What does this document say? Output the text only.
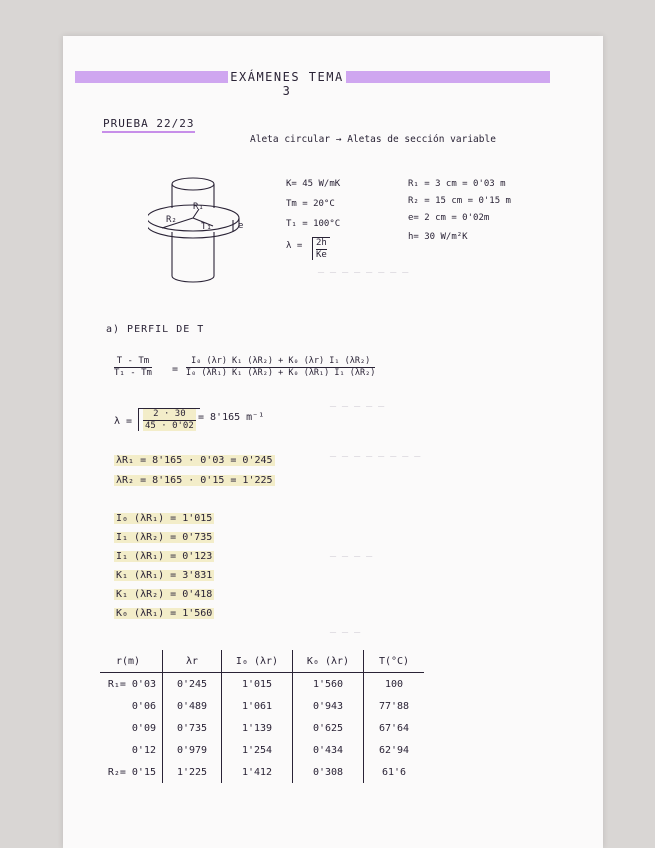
─ ─ ─ ─ ─ ─ ─ ─
─ ─ ─ ─ ─
─ ─ ─ ─ ─ ─ ─ ─
─ ─ ─ ─
─ ─ ─
EXÁMENES TEMA 3
PRUEBA 22/23
Aleta circular → Aletas de sección variable
R₁
R₂
T₁	e
K= 45 W/mK
Tm = 20°C
T₁ = 100°C
$\lambda = \frac{2h}{Ke}$
R₁ = 3 cm = 0'03 m
R₂ = 15 cm = 0'15 m
e= 2 cm = 0'02m
h= 30 W/m²K
a) PERFIL DE T
$\frac{T - Tm}{\text{T₁ - Tm}} = \frac{\text{I₀ (λr) K₁ (λR₂) + K₀ (λr) I₁ (λR₂)}}{\text{I₀ (λR₁) K₁ (λR₂) + K₀ (λR₁) I₁ (λR₂)}}$
$\lambda = \frac{2 \cdot 30}{45 \cdot 0'02}$
= 8'165 m⁻¹
λR₁ = 8'165 · 0'03 = 0'245
λR₂ = 8'165 · 0'15 = 1'225
I₀ (λR₁) = 1'015
I₁ (λR₂) = 0'735
I₁ (λR₁) = 0'123
K₁ (λR₁) = 3'831
K₁ (λR₂) = 0'418
K₀ (λR₁) = 1'560
r(m)	λr	I₀ (λr)	K₀ (λr)	T(°C)
R₁= 0'03	0'245	1'015	1'560	100
0'06	0'489	1'061	0'943	77'88
0'09	0'735	1'139	0'625	67'64
0'12	0'979	1'254	0'434	62'94
R₂= 0'15	1'225	1'412	0'308	61'6
